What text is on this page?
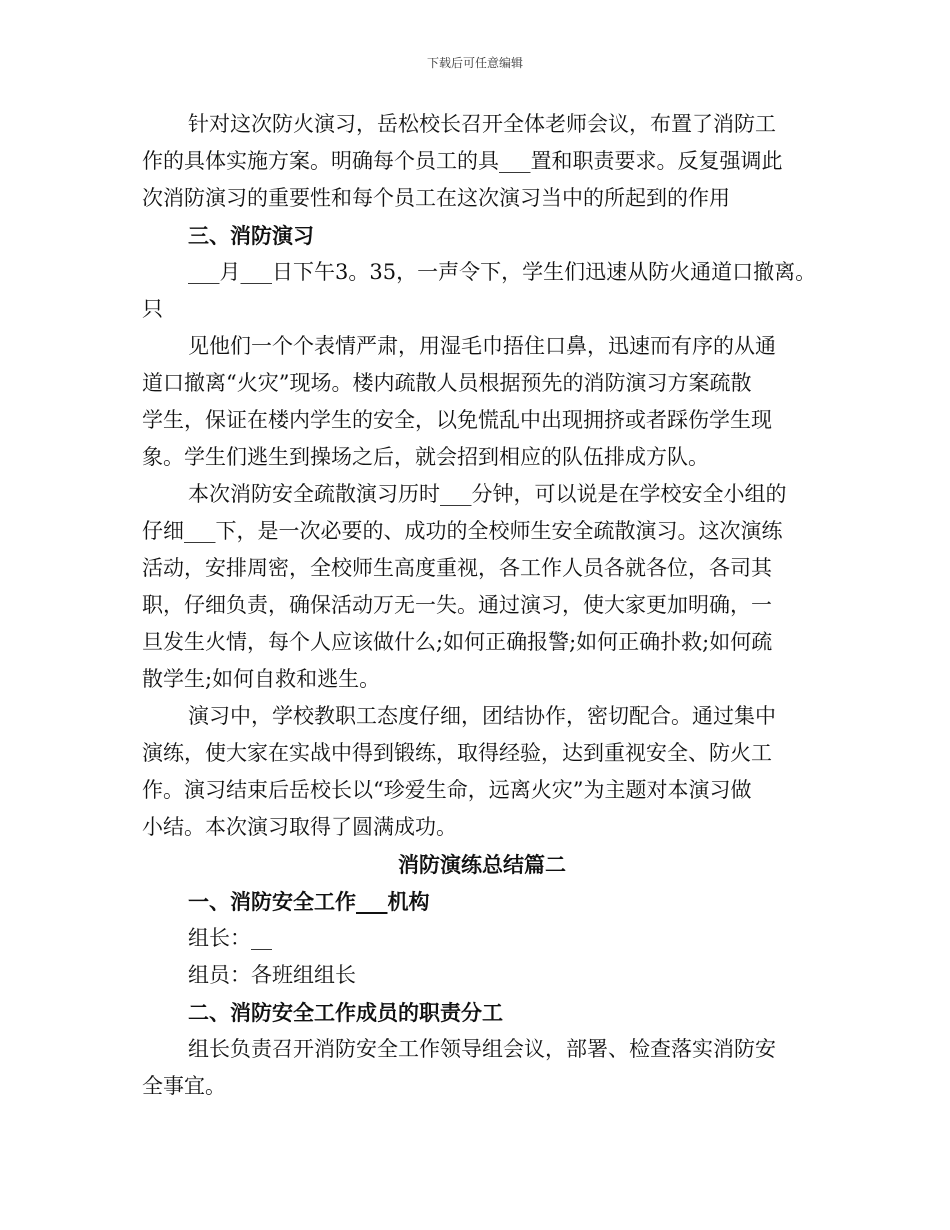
下载后可任意编辑
针对这次防火演习，岳松校长召开全体老师会议，布置了消防工
作的具体实施方案。明确每个员工的具___置和职责要求。反复强调此
次消防演习的重要性和每个员工在这次演习当中的所起到的作用
三、消防演习
___月___日下午3。35，一声令下，学生们迅速从防火通道口撤离。
只
见他们一个个表情严肃，用湿毛巾捂住口鼻，迅速而有序的从通
道口撤离“火灾”现场。楼内疏散人员根据预先的消防演习方案疏散
学生，保证在楼内学生的安全，以免慌乱中出现拥挤或者踩伤学生现
象。学生们逃生到操场之后，就会招到相应的队伍排成方队。
本次消防安全疏散演习历时___分钟，可以说是在学校安全小组的
仔细___下，是一次必要的、成功的全校师生安全疏散演习。这次演练
活动，安排周密，全校师生高度重视，各工作人员各就各位，各司其
职，仔细负责，确保活动万无一失。通过演习，使大家更加明确，一
旦发生火情，每个人应该做什么;如何正确报警;如何正确扑救;如何疏
散学生;如何自救和逃生。
演习中，学校教职工态度仔细，团结协作，密切配合。通过集中
演练，使大家在实战中得到锻练，取得经验，达到重视安全、防火工
作。演习结束后岳校长以“珍爱生命，远离火灾”为主题对本演习做
小结。本次演习取得了圆满成功。
消防演练总结篇二
一、消防安全工作___机构
组长：__
组员：各班组组长
二、消防安全工作成员的职责分工
组长负责召开消防安全工作领导组会议，部署、检查落实消防安
全事宜。
